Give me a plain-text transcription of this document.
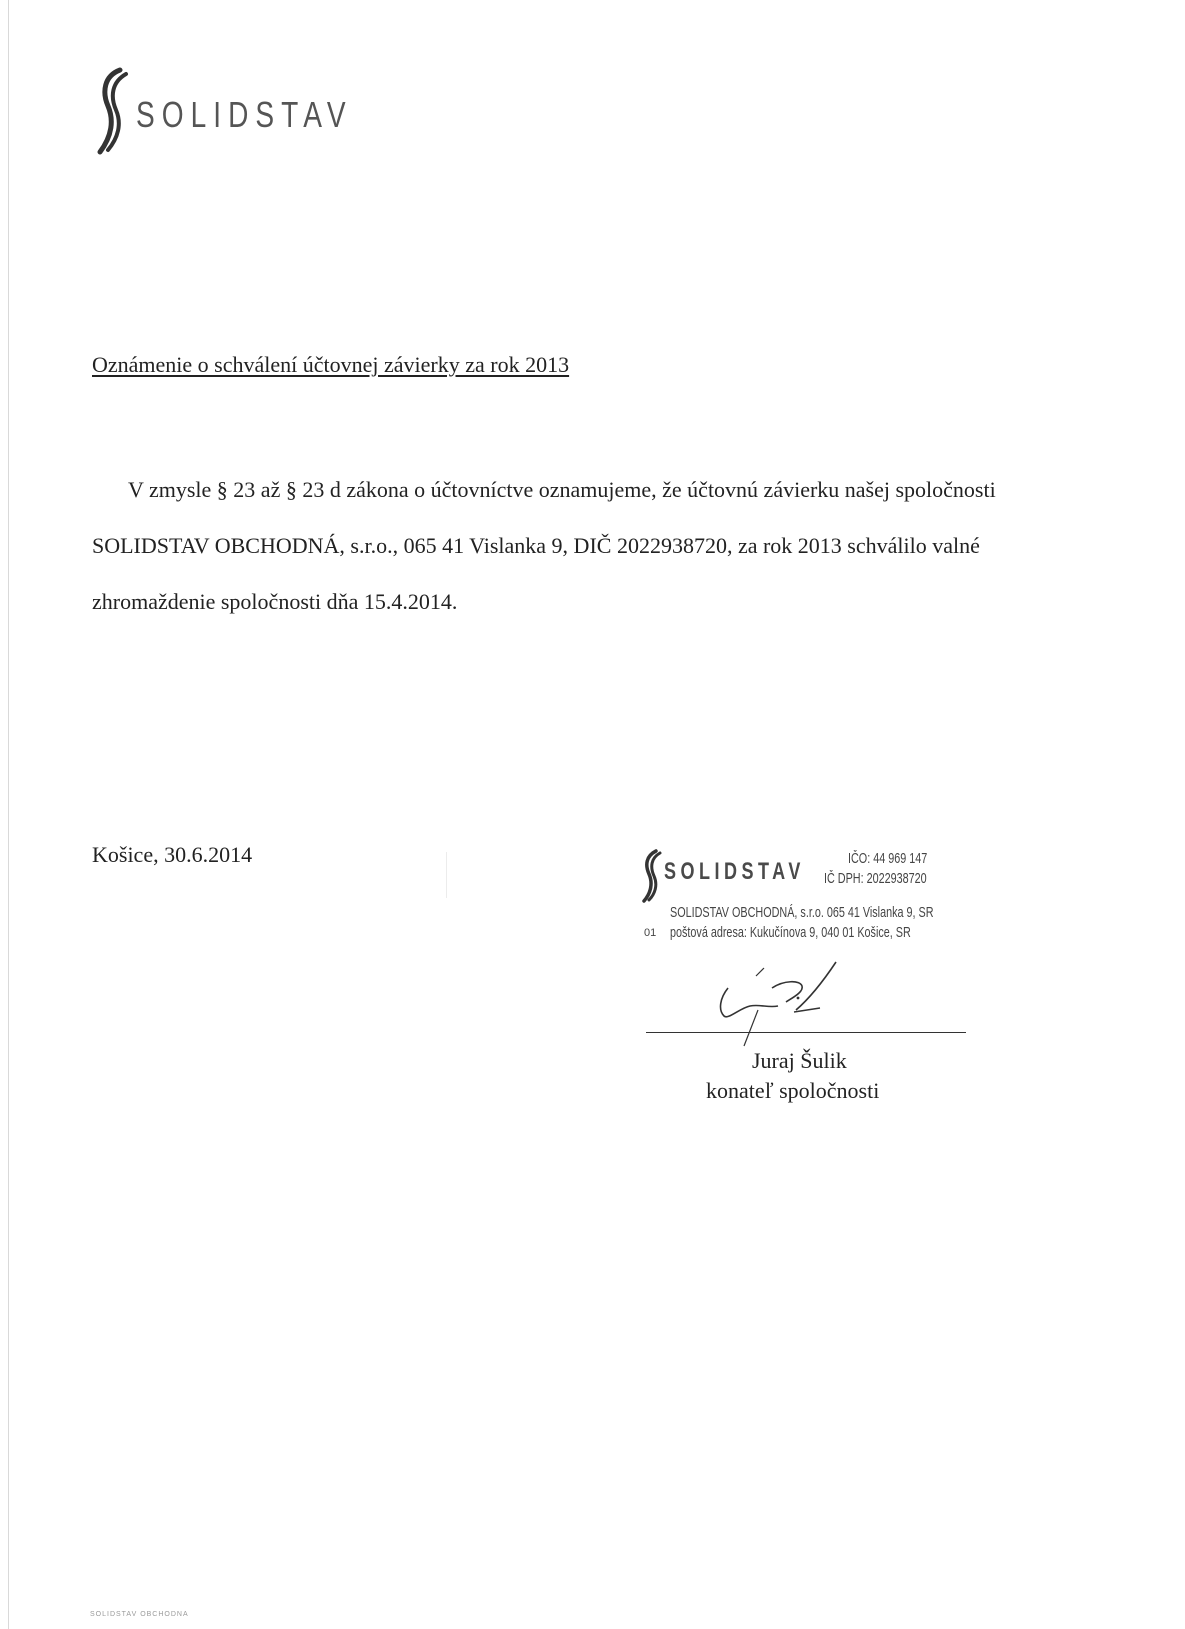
SOLIDSTAV
Oznámenie o schválení účtovnej závierky za rok 2013
V zmysle § 23 až § 23 d zákona o účtovníctve oznamujeme, že účtovnú závierku našej spoločnosti
SOLIDSTAV OBCHODNÁ, s.r.o., 065 41 Vislanka 9, DIČ 2022938720, za rok 2013 schválilo valné
zhromaždenie spoločnosti dňa 15.4.2014.
Košice, 30.6.2014
SOLIDSTAV	IČO: 44 969 147
IČ DPH: 2022938720
SOLIDSTAV OBCHODNÁ, s.r.o. 065 41 Vislanka 9, SR
poštová adresa: Kukučínova 9, 040 01 Košice, SR
01
Juraj Šulik
konateľ spoločnosti
SOLIDSTAV OBCHODNÁ
